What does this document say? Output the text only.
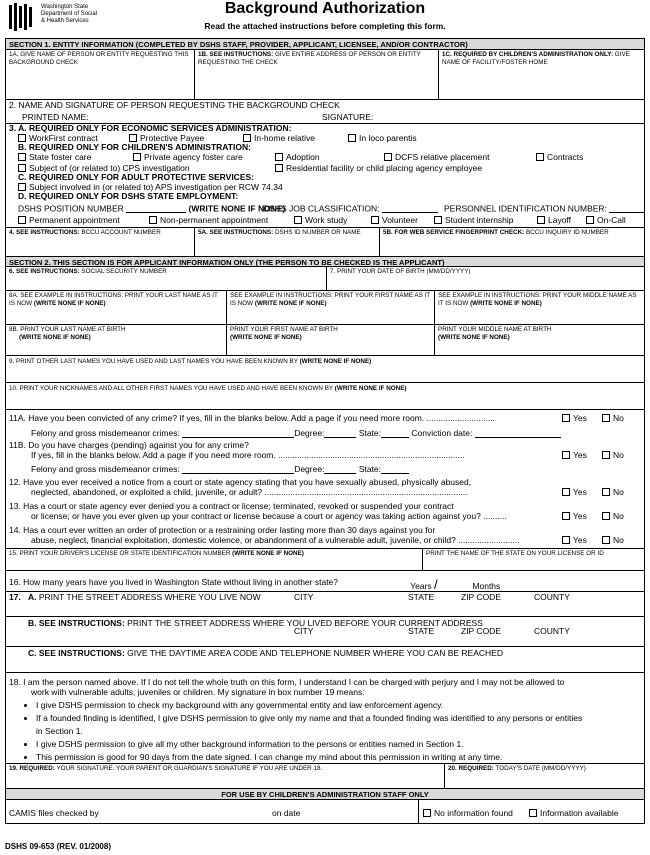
Washington State
Department of Social
& Health Services
Background Authorization
Read the attached instructions before completing this form.
SECTION 1. ENTITY INFORMATION (COMPLETED BY DSHS STAFF, PROVIDER, APPLICANT, LICENSEE, AND/OR CONTRACTOR)
1A. GIVE NAME OF PERSON OR ENTITY REQUESTING THIS BACKGROUND CHECK
1B. SEE INSTRUCTIONS: GIVE ENTIRE ADDRESS OF PERSON OR ENTITY REQUESTING THE CHECK
1C. REQUIRED BY CHILDREN'S ADMINISTRATION ONLY: GIVE NAME OF FACILITY/FOSTER HOME
2. NAME AND SIGNATURE OF PERSON REQUESTING THE BACKGROUND CHECK
PRINTED NAME:	SIGNATURE:
3. A. REQUIRED ONLY FOR ECONOMIC SERVICES ADMINISTRATION:
WorkFirst contract	Protective Payee	In-home relative	In loco parentis
B. REQUIRED ONLY FOR CHILDREN'S ADMINISTRATION:
State foster care	Private agency foster care	Adoption	DCFS relative placement	Contracts
Subject of (or related to) CPS investigation	Residential facility or child placing agency employee
C. REQUIRED ONLY FOR ADULT PROTECTIVE SERVICES:
Subject involved in (or related to) APS investigation per RCW 74.34
D. REQUIRED ONLY FOR DSHS STATE EMPLOYMENT:
DSHS POSITION NUMBER	(WRITE NONE IF NONE)
DSHS JOB CLASSIFICATION:	PERSONNEL IDENTIFICATION NUMBER:
Permanent appointment	Non-permanent appointment	Work study	Volunteer	Student internship	Layoff	On-Call
4. SEE INSTRUCTIONS: BCCU ACCOUNT NUMBER	5A. SEE INSTRUCTIONS: DSHS ID NUMBER OR NAME	5B. FOR WEB SERVICE FINGERPRINT CHECK: BCCU INQUIRY ID NUMBER
SECTION 2. THIS SECTION IS FOR APPLICANT INFORMATION ONLY (THE PERSON TO BE CHECKED IS THE APPLICANT)
6. SEE INSTRUCTIONS: SOCIAL SECURITY NUMBER	7. PRINT YOUR DATE OF BIRTH (MM/DD/YYYY)
8A. SEE EXAMPLE IN INSTRUCTIONS: PRINT YOUR LAST NAME AS IT IS NOW (WRITE NONE IF NONE)
SEE EXAMPLE IN INSTRUCTIONS: PRINT YOUR FIRST NAME AS IT IS NOW (WRITE NONE IF NONE)
SEE EXAMPLE IN INSTRUCTIONS: PRINT YOUR MIDDLE NAME AS IT IS NOW (WRITE NONE IF NONE)
8B. PRINT YOUR LAST NAME AT BIRTH
(WRITE NONE IF NONE)
PRINT YOUR FIRST NAME AT BIRTH
(WRITE NONE IF NONE)
PRINT YOUR MIDDLE NAME AT BIRTH
(WRITE NONE IF NONE)
9. PRINT OTHER LAST NAMES YOU HAVE USED AND LAST NAMES YOU HAVE BEEN KNOWN BY (WRITE NONE IF NONE)
10. PRINT YOUR NICKNAMES AND ALL OTHER FIRST NAMES YOU HAVE USED AND HAVE BEEN KNOWN BY (WRITE NONE IF NONE)
11A. Have you been convicted of any crime? If yes, fill in the blanks below. Add a page if you need more room. .............................	Yes	No
Felony and gross misdemeanor crimes:	Degree:	State:	Conviction date:
11B. Do you have charges (pending) against you for any crime?
If yes, fill in the blanks below. Add a page if you need more room. ...............................................................................	Yes	No
Felony and gross misdemeanor crimes:	Degree:	State:
12. Have you ever received a notice from a court or state agency stating that you have sexually abused, physically abused,
neglected, abandoned, or exploited a child, juvenile, or adult? ......................................................................................	Yes	No
13. Has a court or state agency ever denied you a contract or license; terminated, revoked or suspended your contract
or license; or have you ever given up your contract or license because a court or agency was taking action against you? ..........	Yes	No
14. Has a court ever written an order of protection or a restraining order lasting more than 30 days against you for
abuse, neglect, financial exploitation, domestic violence, or abandonment of a vulnerable adult, juvenile, or child? ..........................	Yes	No
15. PRINT YOUR DRIVER'S LICENSE OR STATE IDENTIFICATION NUMBER (WRITE NONE IF NONE)	PRINT THE NAME OF THE STATE ON YOUR LICENSE OR ID
16. How many years have you lived in Washington State without living in another state?	Years /	Months
17. A. PRINT THE STREET ADDRESS WHERE YOU LIVE NOW	CITY	STATE	ZIP CODE	COUNTY
B. SEE INSTRUCTIONS: PRINT THE STREET ADDRESS WHERE YOU LIVED BEFORE YOUR CURRENT ADDRESS
CITY	STATE	ZIP CODE	COUNTY
C. SEE INSTRUCTIONS: GIVE THE DAYTIME AREA CODE AND TELEPHONE NUMBER WHERE YOU CAN BE REACHED
18. I am the person named above. If I do not tell the whole truth on this form, I understand I can be charged with perjury and I may not be allowed to
work with vulnerable adults, juveniles or children. My signature in box number 19 means:
• I give DSHS permission to check my background with any governmental entity and law enforcement agency.
• If a founded finding is identified, I give DSHS permission to give only my name and that a founded finding was identified to any persons or entities
in Section 1.
• I give DSHS permission to give all my other background information to the persons or entities named in Section 1.
• This permission is good for 90 days from the date signed. I can change my mind about this permission in writing at any time.
19. REQUIRED: YOUR SIGNATURE. YOUR PARENT OR GUARDIAN'S SIGNATURE IF YOU ARE UNDER 18.	20. REQUIRED: TODAY'S DATE (MM/DD/YYYY)
FOR USE BY CHILDREN'S ADMINISTRATION STAFF ONLY
CAMIS files checked by	on date	No information found	Information available
DSHS 09-653 (REV. 01/2008)
